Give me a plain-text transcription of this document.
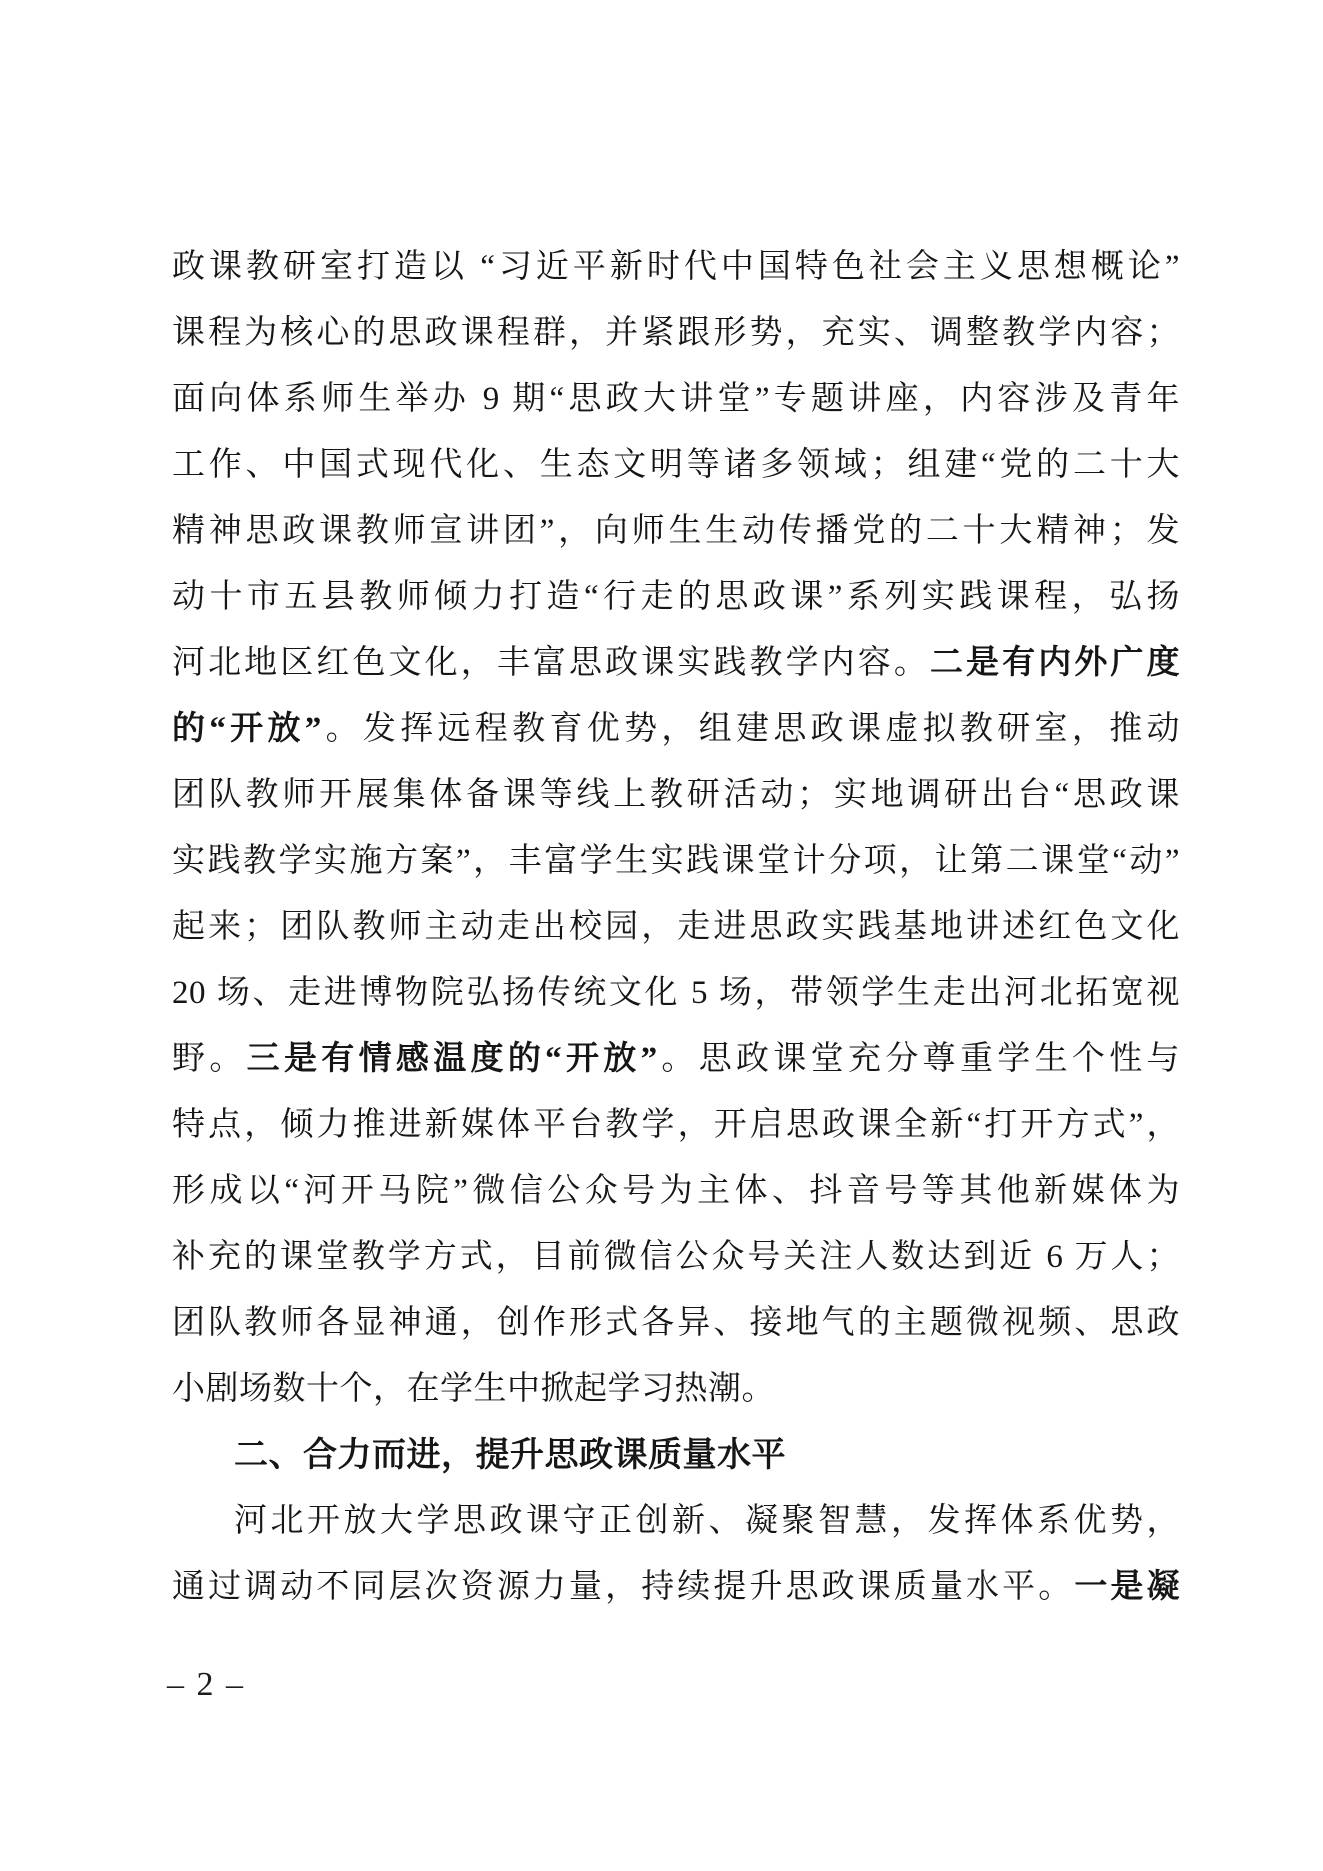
政课教研室打造以 “习近平新时代中国特色社会主义思想概论”
课程为核心的思政课程群，并紧跟形势，充实、调整教学内容；
面向体系师生举办 9 期“思政大讲堂”专题讲座，内容涉及青年
工作、中国式现代化、生态文明等诸多领域；组建“党的二十大
精神思政课教师宣讲团”，向师生生动传播党的二十大精神；发
动十市五县教师倾力打造“行走的思政课”系列实践课程，弘扬
河北地区红色文化，丰富思政课实践教学内容。二是有内外广度
的“开放”。发挥远程教育优势，组建思政课虚拟教研室，推动
团队教师开展集体备课等线上教研活动；实地调研出台“思政课
实践教学实施方案”，丰富学生实践课堂计分项，让第二课堂“动”
起来；团队教师主动走出校园，走进思政实践基地讲述红色文化
20 场、走进博物院弘扬传统文化 5 场，带领学生走出河北拓宽视
野。三是有情感温度的“开放”。思政课堂充分尊重学生个性与
特点，倾力推进新媒体平台教学，开启思政课全新“打开方式”，
形成以“河开马院”微信公众号为主体、抖音号等其他新媒体为
补充的课堂教学方式，目前微信公众号关注人数达到近 6 万人；
团队教师各显神通，创作形式各异、接地气的主题微视频、思政
小剧场数十个，在学生中掀起学习热潮。
二、合力而进，提升思政课质量水平
河北开放大学思政课守正创新、凝聚智慧，发挥体系优势，
通过调动不同层次资源力量，持续提升思政课质量水平。一是凝
– 2 –
